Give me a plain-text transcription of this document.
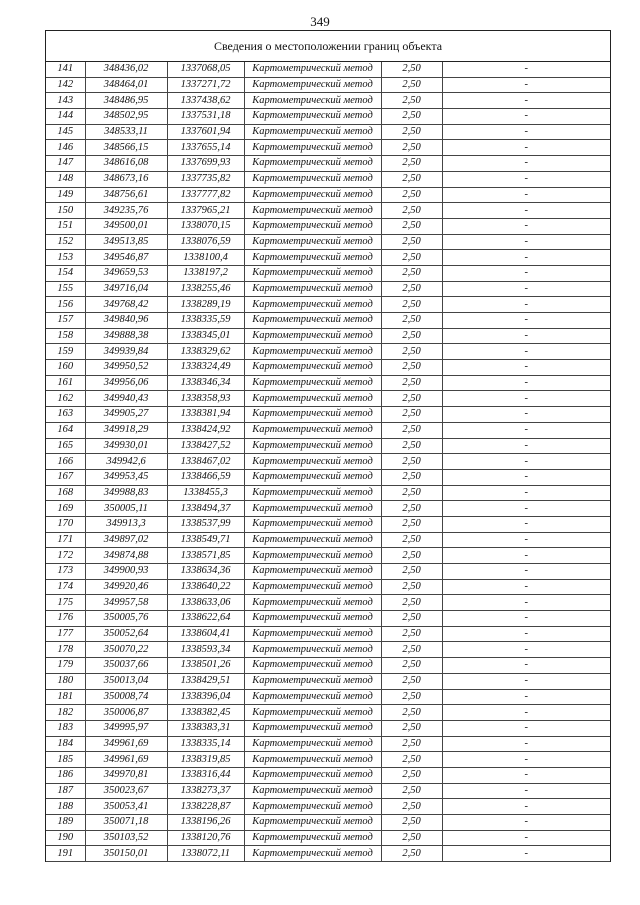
349
Сведения о местоположении границ объекта
141	348436,02	1337068,05	Картометрический метод	2,50	-
142	348464,01	1337271,72	Картометрический метод	2,50	-
143	348486,95	1337438,62	Картометрический метод	2,50	-
144	348502,95	1337531,18	Картометрический метод	2,50	-
145	348533,11	1337601,94	Картометрический метод	2,50	-
146	348566,15	1337655,14	Картометрический метод	2,50	-
147	348616,08	1337699,93	Картометрический метод	2,50	-
148	348673,16	1337735,82	Картометрический метод	2,50	-
149	348756,61	1337777,82	Картометрический метод	2,50	-
150	349235,76	1337965,21	Картометрический метод	2,50	-
151	349500,01	1338070,15	Картометрический метод	2,50	-
152	349513,85	1338076,59	Картометрический метод	2,50	-
153	349546,87	1338100,4	Картометрический метод	2,50	-
154	349659,53	1338197,2	Картометрический метод	2,50	-
155	349716,04	1338255,46	Картометрический метод	2,50	-
156	349768,42	1338289,19	Картометрический метод	2,50	-
157	349840,96	1338335,59	Картометрический метод	2,50	-
158	349888,38	1338345,01	Картометрический метод	2,50	-
159	349939,84	1338329,62	Картометрический метод	2,50	-
160	349950,52	1338324,49	Картометрический метод	2,50	-
161	349956,06	1338346,34	Картометрический метод	2,50	-
162	349940,43	1338358,93	Картометрический метод	2,50	-
163	349905,27	1338381,94	Картометрический метод	2,50	-
164	349918,29	1338424,92	Картометрический метод	2,50	-
165	349930,01	1338427,52	Картометрический метод	2,50	-
166	349942,6	1338467,02	Картометрический метод	2,50	-
167	349953,45	1338466,59	Картометрический метод	2,50	-
168	349988,83	1338455,3	Картометрический метод	2,50	-
169	350005,11	1338494,37	Картометрический метод	2,50	-
170	349913,3	1338537,99	Картометрический метод	2,50	-
171	349897,02	1338549,71	Картометрический метод	2,50	-
172	349874,88	1338571,85	Картометрический метод	2,50	-
173	349900,93	1338634,36	Картометрический метод	2,50	-
174	349920,46	1338640,22	Картометрический метод	2,50	-
175	349957,58	1338633,06	Картометрический метод	2,50	-
176	350005,76	1338622,64	Картометрический метод	2,50	-
177	350052,64	1338604,41	Картометрический метод	2,50	-
178	350070,22	1338593,34	Картометрический метод	2,50	-
179	350037,66	1338501,26	Картометрический метод	2,50	-
180	350013,04	1338429,51	Картометрический метод	2,50	-
181	350008,74	1338396,04	Картометрический метод	2,50	-
182	350006,87	1338382,45	Картометрический метод	2,50	-
183	349995,97	1338383,31	Картометрический метод	2,50	-
184	349961,69	1338335,14	Картометрический метод	2,50	-
185	349961,69	1338319,85	Картометрический метод	2,50	-
186	349970,81	1338316,44	Картометрический метод	2,50	-
187	350023,67	1338273,37	Картометрический метод	2,50	-
188	350053,41	1338228,87	Картометрический метод	2,50	-
189	350071,18	1338196,26	Картометрический метод	2,50	-
190	350103,52	1338120,76	Картометрический метод	2,50	-
191	350150,01	1338072,11	Картометрический метод	2,50	-
